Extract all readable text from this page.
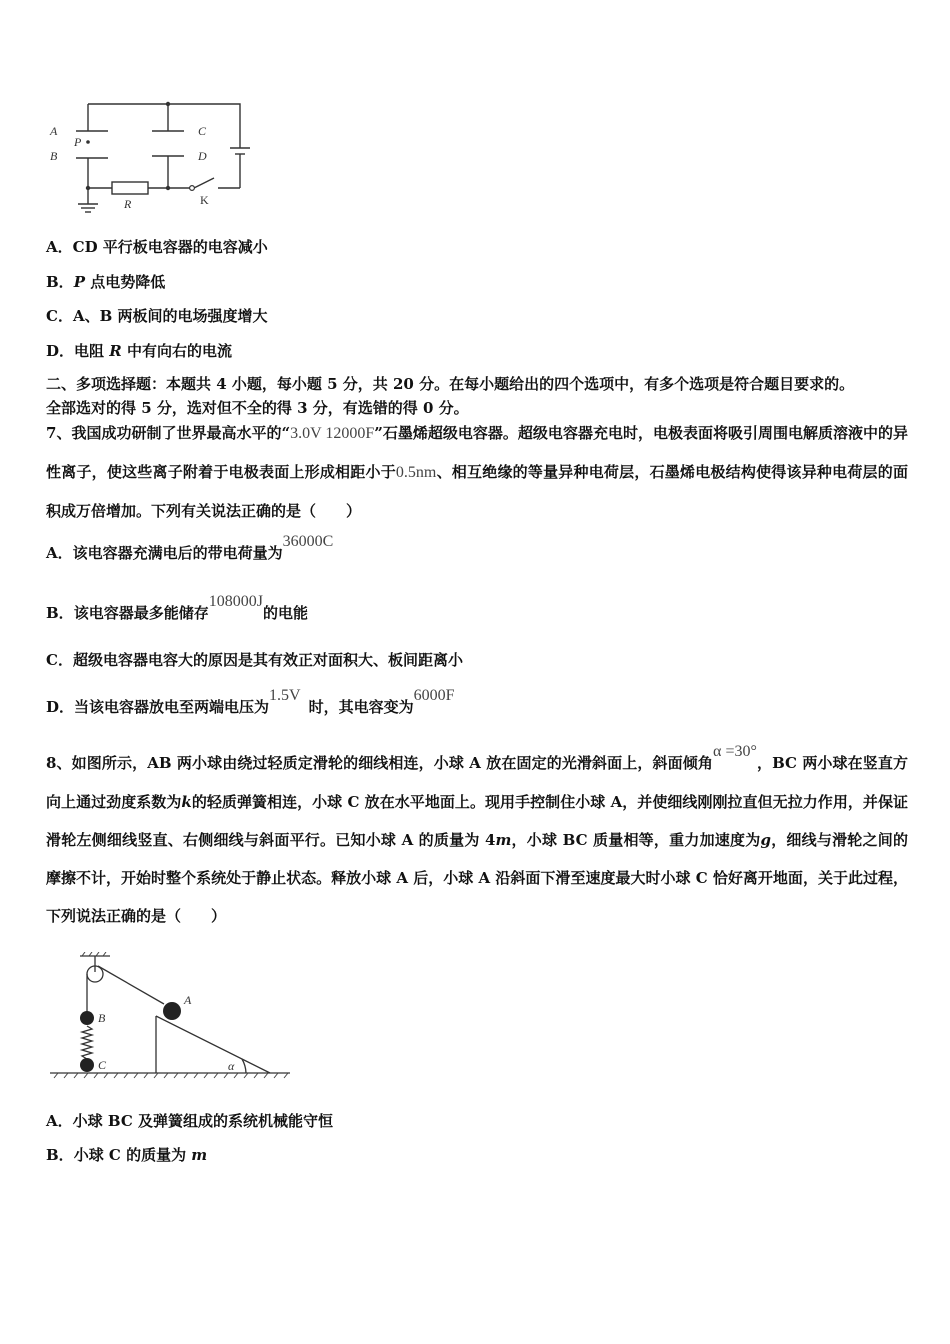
A
B
P
C
D
R	K
A．CD 平行板电容器的电容减小
B．P 点电势降低
C．A、B 两板间的电场强度增大
D．电阻 R 中有向右的电流
二、多项选择题：本题共 4 小题，每小题 5 分，共 20 分。在每小题给出的四个选项中，有多个选项是符合题目要求的。
全部选对的得 5 分，选对但不全的得 3 分，有选错的得 0 分。
7、我国成功研制了世界最高水平的“3.0V 12000F”石墨烯超级电容器。超级电容器充电时，电极表面将吸引周围电解质溶液中的异性离子，使这些离子附着于电极表面上形成相距小于0.5nm、相互绝缘的等量异种电荷层，石墨烯电极结构使得该异种电荷层的面积成万倍增加。下列有关说法正确的是（　　）
A．该电容器充满电后的带电荷量为36000C
B．该电容器最多能储存108000J的电能
C．超级电容器电容大的原因是其有效正对面积大、板间距离小
D．当该电容器放电至两端电压为1.5V时，其电容变为6000F
8、如图所示，AB 两小球由绕过轻质定滑轮的细线相连，小球 A 放在固定的光滑斜面上，斜面倾角α =30°，BC 两小球在竖直方向上通过劲度系数为k的轻质弹簧相连，小球 C 放在水平地面上。现用手控制住小球 A，并使细线刚刚拉直但无拉力作用，并保证滑轮左侧细线竖直、右侧细线与斜面平行。已知小球 A 的质量为 4m，小球 BC 质量相等，重力加速度为g，细线与滑轮之间的摩擦不计，开始时整个系统处于静止状态。释放小球 A 后，小球 A 沿斜面下滑至速度最大时小球 C 恰好离开地面，关于此过程，下列说法正确的是（　　）
B
C
A
α
A．小球 BC 及弹簧组成的系统机械能守恒
B．小球 C 的质量为 m
